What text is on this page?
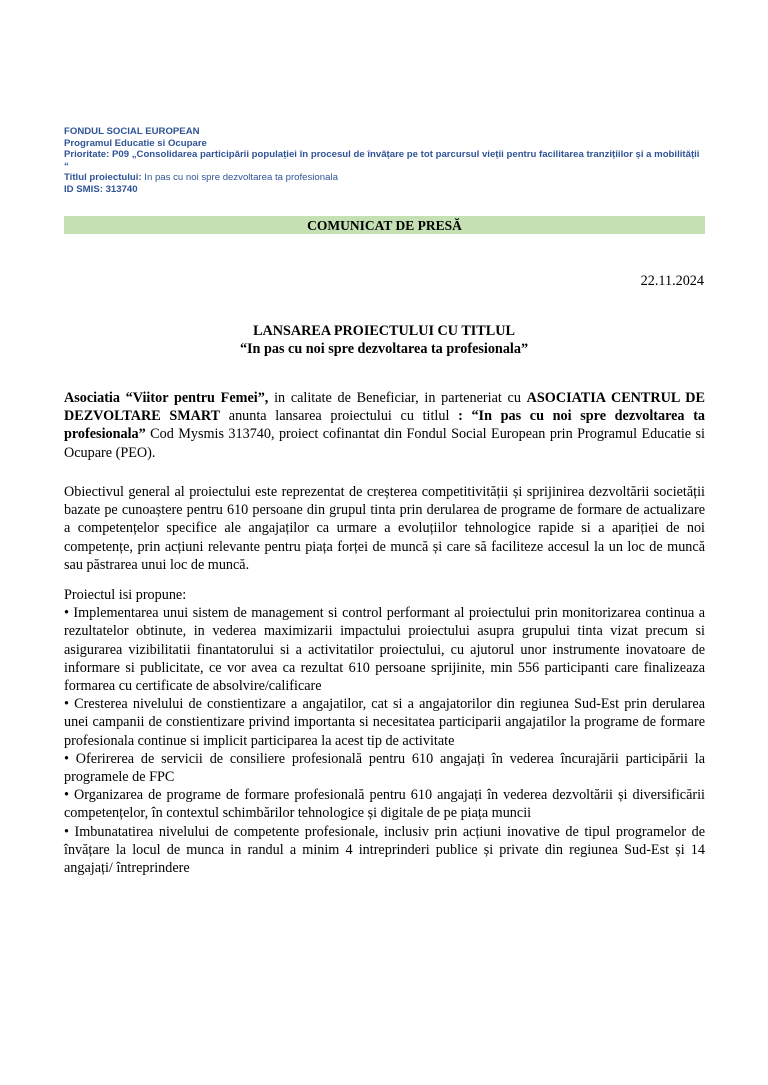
FONDUL SOCIAL EUROPEAN
Programul Educatie si Ocupare
Prioritate: P09 „Consolidarea participării populației în procesul de învățare pe tot parcursul vieții pentru facilitarea tranzițiilor și a mobilității “
Titlul proiectului: In pas cu noi spre dezvoltarea ta profesionala
ID SMIS: 313740
COMUNICAT DE PRESĂ
22.11.2024
LANSAREA PROIECTULUI CU TITLUL
“In pas cu noi spre dezvoltarea ta profesionala”

Asociatia “Viitor pentru Femei”, in calitate de Beneficiar, in parteneriat cu ASOCIATIA CENTRUL DE DEZVOLTARE SMART anunta lansarea proiectului cu titlul : “In pas cu noi spre dezvoltarea ta profesionala” Cod Mysmis 313740, proiect cofinantat din Fondul Social European prin Programul Educatie si Ocupare (PEO).

Obiectivul general al proiectului este reprezentat de creșterea competitivității și sprijinirea dezvoltării societății bazate pe cunoaștere pentru 610 persoane din grupul tinta prin derularea de programe de formare de actualizare a competențelor specifice ale angajaților ca urmare a evoluțiilor tehnologice rapide si a apariției de noi competențe, prin acțiuni relevante pentru piața forței de muncă și care să faciliteze accesul la un loc de muncă sau păstrarea unui loc de muncă.

Proiectul isi propune:

• Implementarea unui sistem de management si control performant al proiectului prin monitorizarea continua a rezultatelor obtinute, in vederea maximizarii impactului proiectului asupra grupului tinta vizat precum si asigurarea vizibilitatii finantatorului si a activitatilor proiectului, cu ajutorul unor instrumente inovatoare de informare si publicitate, ce vor avea ca rezultat 610 persoane sprijinite, min 556 participanti care finalizeaza formarea cu certificate de absolvire/calificare

• Cresterea nivelului de constientizare a angajatilor, cat si a angajatorilor din regiunea Sud-Est prin derularea unei campanii de constientizare privind importanta si necesitatea participarii angajatilor la programe de formare profesionala continue si implicit participarea la acest tip de activitate

• Oferirerea de servicii de consiliere profesională pentru 610 angajați în vederea încurajării participării la programele de FPC

• Organizarea de programe de formare profesională pentru 610 angajați în vederea dezvoltării și diversificării competențelor, în contextul schimbărilor tehnologice și digitale de pe piața muncii

• Imbunatatirea nivelului de competente profesionale, inclusiv prin acțiuni inovative de tipul programelor de învățare la locul de munca in randul a minim 4 intreprinderi publice și private din regiunea Sud-Est și 14 angajați/ întreprindere
